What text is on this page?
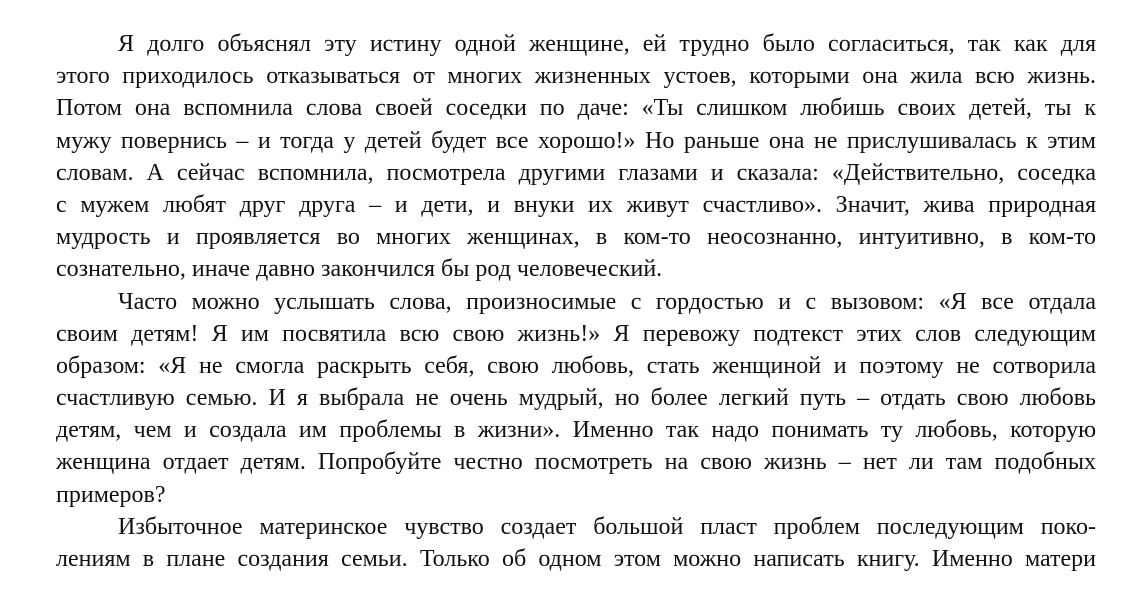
Я долго объяснял эту истину одной женщине, ей трудно было согласиться, так как для
этого приходилось отказываться от многих жизненных устоев, которыми она жила всю жизнь.
Потом она вспомнила слова своей соседки по даче: «Ты слишком любишь своих детей, ты к
мужу повернись – и тогда у детей будет все хорошо!» Но раньше она не прислушивалась к этим
словам. А сейчас вспомнила, посмотрела другими глазами и сказала: «Действительно, соседка
с мужем любят друг друга – и дети, и внуки их живут счастливо». Значит, жива природная
мудрость и проявляется во многих женщинах, в ком-то неосознанно, интуитивно, в ком-то
сознательно, иначе давно закончился бы род человеческий.
Часто можно услышать слова, произносимые с гордостью и с вызовом: «Я все отдала
своим детям! Я им посвятила всю свою жизнь!» Я перевожу подтекст этих слов следующим
образом: «Я не смогла раскрыть себя, свою любовь, стать женщиной и поэтому не сотворила
счастливую семью. И я выбрала не очень мудрый, но более легкий путь – отдать свою любовь
детям, чем и создала им проблемы в жизни». Именно так надо понимать ту любовь, которую
женщина отдает детям. Попробуйте честно посмотреть на свою жизнь – нет ли там подобных
примеров?
Избыточное материнское чувство создает большой пласт проблем последующим поко-
лениям в плане создания семьи. Только об одном этом можно написать книгу. Именно матери
